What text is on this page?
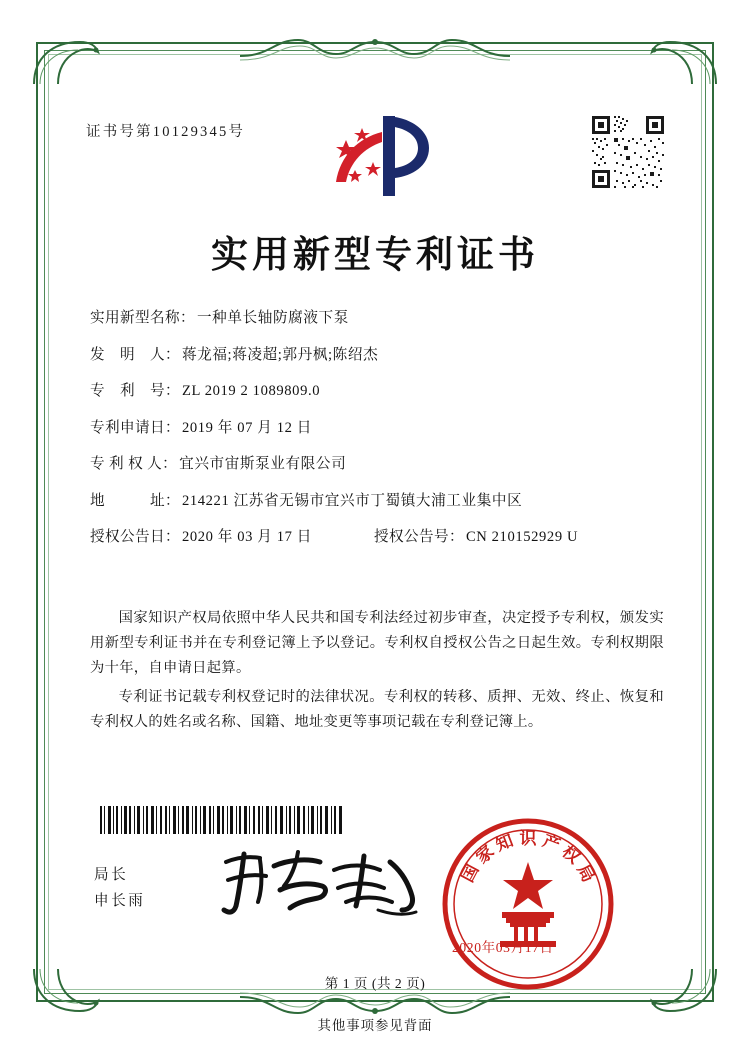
证书号第10129345号
实用新型专利证书
实用新型名称： 一种单长轴防腐液下泵
发　明　人： 蒋龙福;蒋凌超;郭丹枫;陈绍杰
专　利　号： ZL 2019 2 1089809.0
专利申请日： 2019 年 07 月 12 日
专 利 权 人： 宜兴市宙斯泵业有限公司
地　　　址： 214221 江苏省无锡市宜兴市丁蜀镇大浦工业集中区
授权公告日： 2020 年 03 月 17 日	授权公告号： CN 210152929 U

国家知识产权局依照中华人民共和国专利法经过初步审查，决定授予专利权，颁发实用新型专利证书并在专利登记簿上予以登记。专利权自授权公告之日起生效。专利权期限为十年，自申请日起算。

专利证书记载专利权登记时的法律状况。专利权的转移、质押、无效、终止、恢复和专利权人的姓名或名称、国籍、地址变更等事项记载在专利登记簿上。

局长
申长雨
国
家
知 识 产
权
局
2020年03月17日
第 1 页 (共 2 页)
其他事项参见背面
